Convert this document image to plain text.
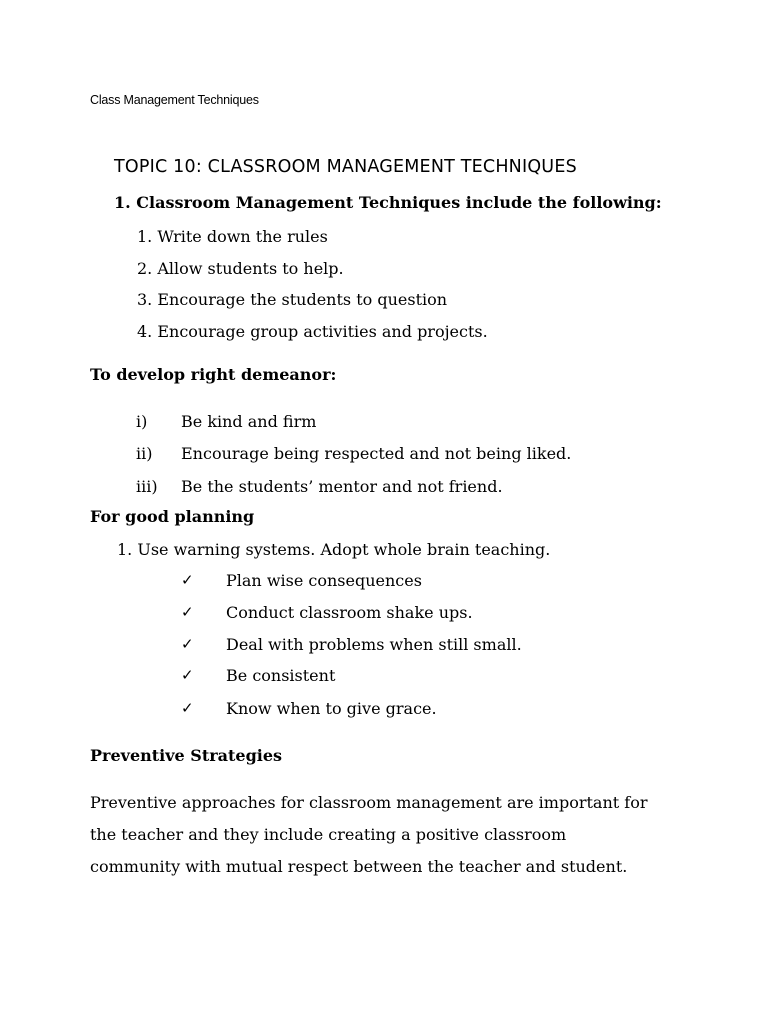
Class Management Techniques
TOPIC 10: CLASSROOM MANAGEMENT TECHNIQUES
1. Classroom Management Techniques include the following:
1. Write down the rules
2. Allow students to help.
3. Encourage the students to question
4. Encourage group activities and projects.
To develop right demeanor:
i) Be kind and firm
ii) Encourage being respected and not being liked.
iii) Be the students’ mentor and not friend.
For good planning
1. Use warning systems. Adopt whole brain teaching.
✓ Plan wise consequences
✓ Conduct classroom shake ups.
✓ Deal with problems when still small.
✓ Be consistent
✓ Know when to give grace.
Preventive Strategies
Preventive approaches for classroom management are important for
the teacher and they include creating a positive classroom
community with mutual respect between the teacher and student.
